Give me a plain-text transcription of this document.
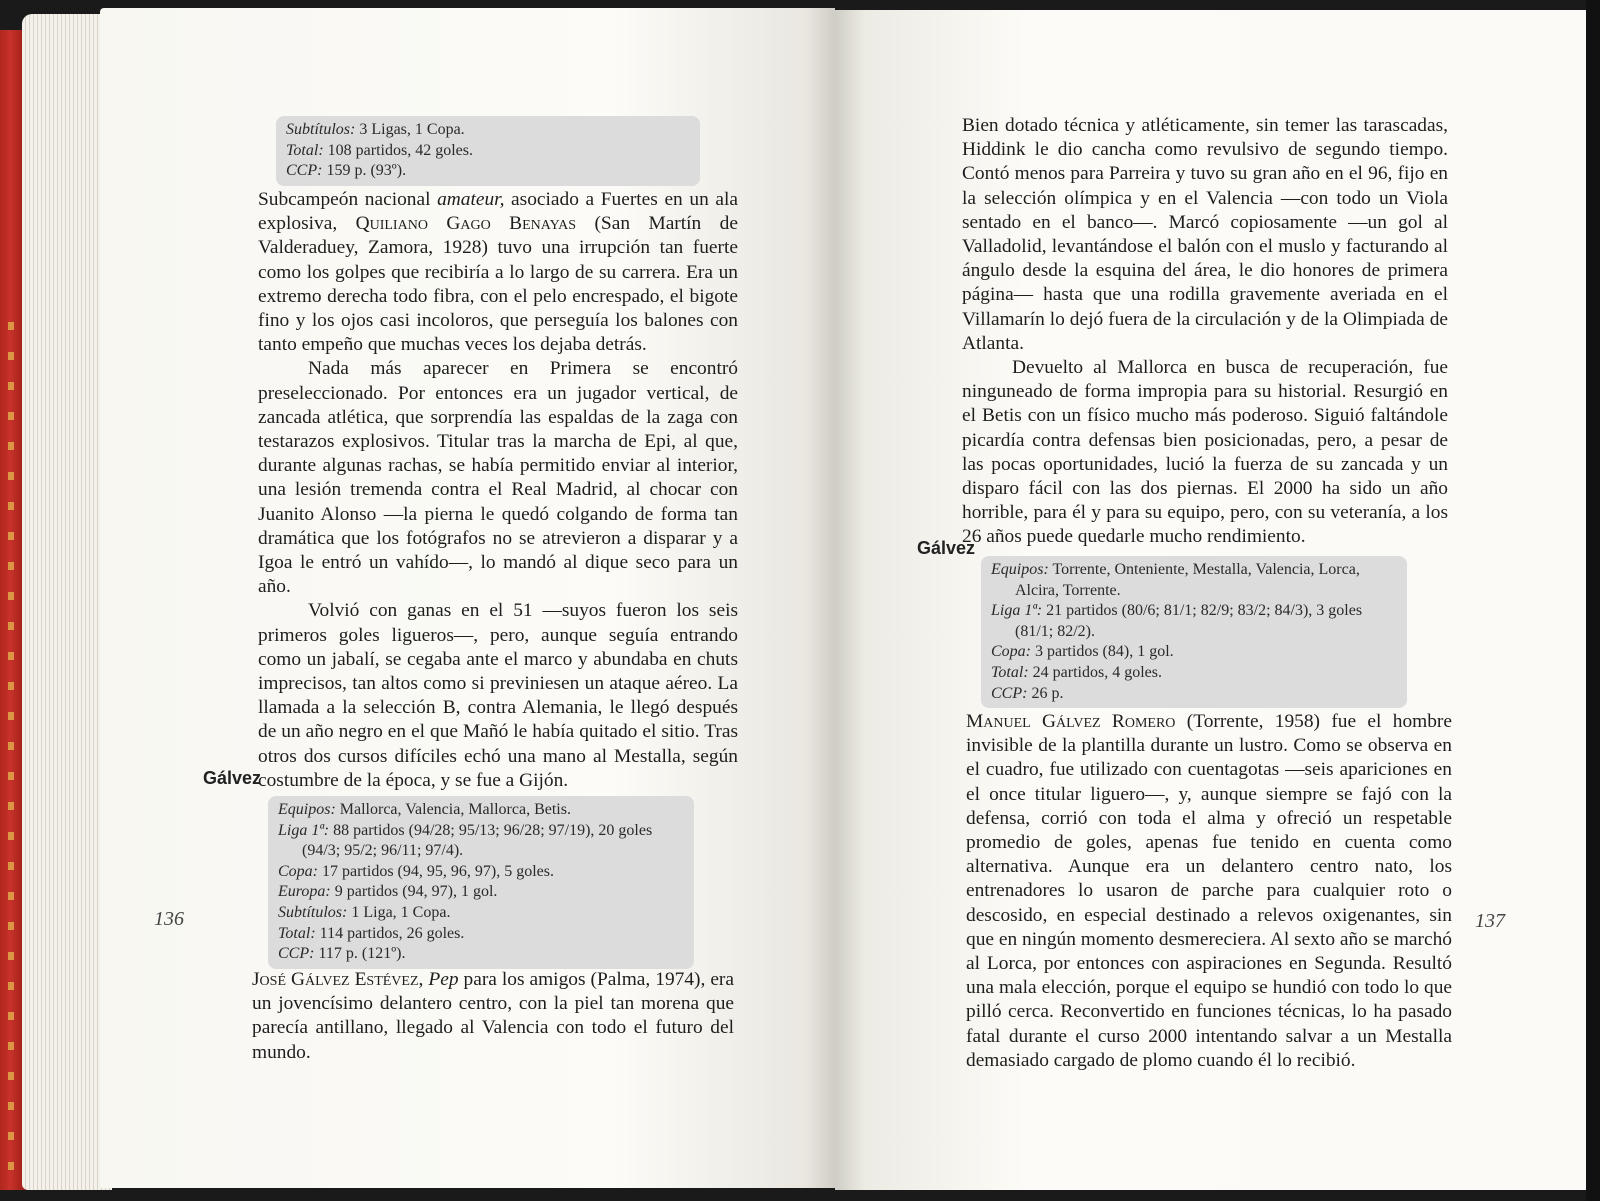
Subtítulos: 3 Ligas, 1 Copa.
Total: 108 partidos, 42 goles.
CCP: 159 p. (93º).

Subcampeón nacional amateur, asociado a Fuertes en un ala explosiva, Quiliano Gago Benayas (San Martín de Valderaduey, Zamora, 1928) tuvo una irrupción tan fuerte como los golpes que recibiría a lo largo de su carrera. Era un extremo derecha todo fibra, con el pelo encrespado, el bigote fino y los ojos casi incoloros, que perseguía los balones con tanto empeño que muchas veces los dejaba detrás.

Nada más aparecer en Primera se encontró preseleccionado. Por entonces era un jugador vertical, de zancada atlética, que sorprendía las espaldas de la zaga con testarazos explosivos. Titular tras la marcha de Epi, al que, durante algunas rachas, se había permitido enviar al interior, una lesión tremenda contra el Real Madrid, al chocar con Juanito Alonso —la pierna le quedó colgando de forma tan dramática que los fotógrafos no se atrevieron a disparar y a Igoa le entró un vahído—, lo mandó al dique seco para un año.

Volvió con ganas en el 51 —suyos fueron los seis primeros goles ligueros—, pero, aunque seguía entrando como un jabalí, se cegaba ante el marco y abundaba en chuts imprecisos, tan altos como si previniesen un ataque aéreo. La llamada a la selección B, contra Alemania, le llegó después de un año negro en el que Mañó le había quitado el sitio. Tras otros dos cursos difíciles echó una mano al Mestalla, según costumbre de la época, y se fue a Gijón.

Gálvez
Equipos: Mallorca, Valencia, Mallorca, Betis.
Liga 1ª: 88 partidos (94/28; 95/13; 96/28; 97/19), 20 goles (94/3; 95/2; 96/11; 97/4).
Copa: 17 partidos (94, 95, 96, 97), 5 goles.
Europa: 9 partidos (94, 97), 1 gol.
Subtítulos: 1 Liga, 1 Copa.
Total: 114 partidos, 26 goles.
CCP: 117 p. (121º).
136

José Gálvez Estévez, Pep para los amigos (Palma, 1974), era un jovencísimo delantero centro, con la piel tan morena que parecía antillano, llegado al Valencia con todo el futuro del mundo.

Bien dotado técnica y atléticamente, sin temer las tarascadas, Hiddink le dio cancha como revulsivo de segundo tiempo. Contó menos para Parreira y tuvo su gran año en el 96, fijo en la selección olímpica y en el Valencia —con todo un Viola sentado en el banco—. Marcó copiosamente —un gol al Valladolid, levantándose el balón con el muslo y facturando al ángulo desde la esquina del área, le dio honores de primera página— hasta que una rodilla gravemente averiada en el Villamarín lo dejó fuera de la circulación y de la Olimpiada de Atlanta.

Devuelto al Mallorca en busca de recuperación, fue ninguneado de forma impropia para su historial. Resurgió en el Betis con un físico mucho más poderoso. Siguió faltándole picardía contra defensas bien posicionadas, pero, a pesar de las pocas oportunidades, lució la fuerza de su zancada y un disparo fácil con las dos piernas. El 2000 ha sido un año horrible, para él y para su equipo, pero, con su veteranía, a los 26 años puede quedarle mucho rendimiento.

Gálvez
Equipos: Torrente, Onteniente, Mestalla, Valencia, Lorca, Alcira, Torrente.
Liga 1ª: 21 partidos (80/6; 81/1; 82/9; 83/2; 84/3), 3 goles (81/1; 82/2).
Copa: 3 partidos (84), 1 gol.
Total: 24 partidos, 4 goles.
CCP: 26 p.

Manuel Gálvez Romero (Torrente, 1958) fue el hombre invisible de la plantilla durante un lustro. Como se observa en el cuadro, fue utilizado con cuentagotas —seis apariciones en el once titular liguero—, y, aunque siempre se fajó con la defensa, corrió con toda el alma y ofreció un respetable promedio de goles, apenas fue tenido en cuenta como alternativa. Aunque era un delantero centro nato, los entrenadores lo usaron de parche para cualquier roto o descosido, en especial destinado a relevos oxigenantes, sin que en ningún momento desmereciera. Al sexto año se marchó al Lorca, por entonces con aspiraciones en Segunda. Resultó una mala elección, porque el equipo se hundió con todo lo que pilló cerca. Reconvertido en funciones técnicas, lo ha pasado fatal durante el curso 2000 intentando salvar a un Mestalla demasiado cargado de plomo cuando él lo recibió.

137
